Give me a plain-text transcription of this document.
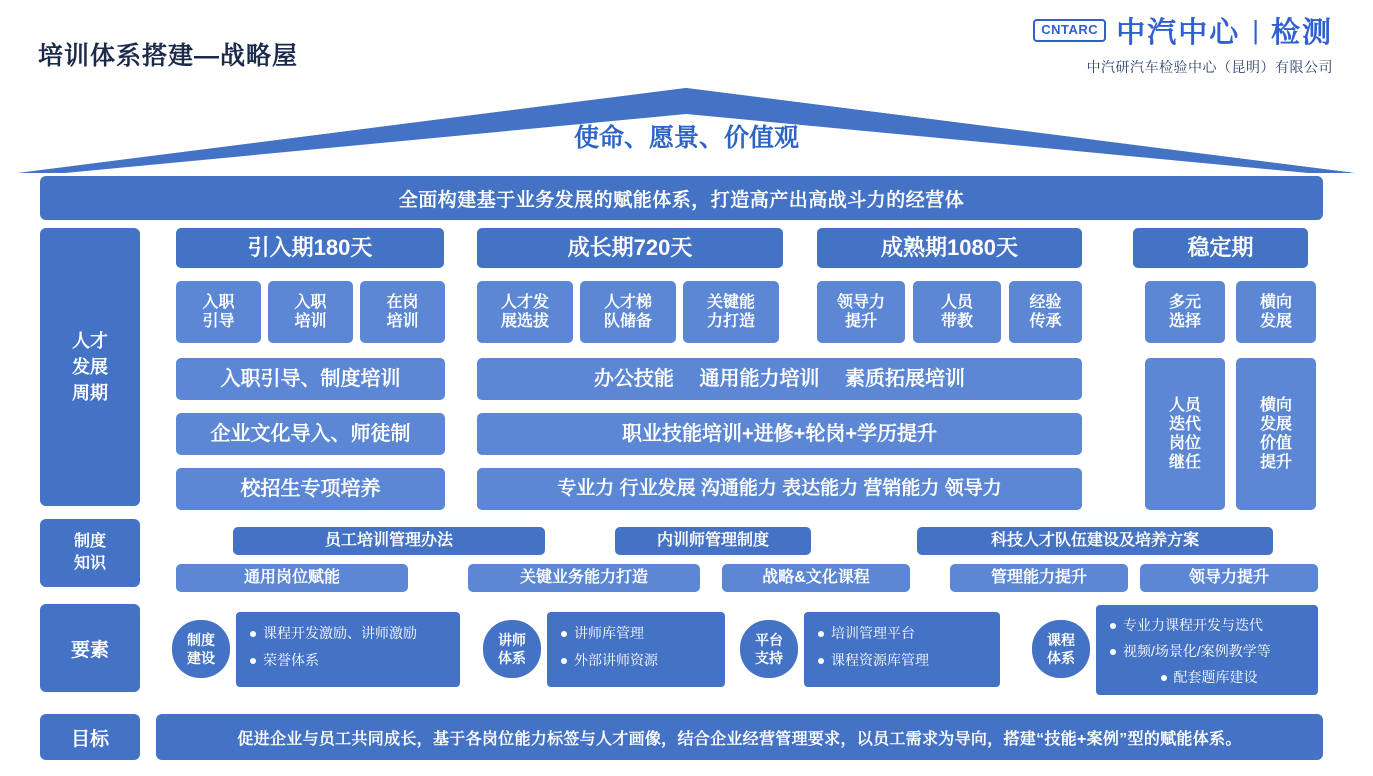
培训体系搭建—战略屋
CNTARC 中汽中心 | 检测
中汽研汽车检验中心（昆明）有限公司
使命、愿景、价值观
全面构建基于业务发展的赋能体系，打造高产出高战斗力的经营体
人才
发展
周期
引入期180天	成长期720天	成熟期1080天	稳定期
入职
引导
入职
培训
在岗
培训
人才发
展选拔
人才梯
队储备
关键能
力打造
领导力
提升
人员
带教
经验
传承
多元
选择
横向
发展
入职引导、制度培训	办公技能　 通用能力培训　 素质拓展培训
企业文化导入、师徒制	职业技能培训+进修+轮岗+学历提升
校招生专项培养	专业力 行业发展 沟通能力 表达能力 营销能力 领导力
人员
迭代
岗位
继任
横向
发展
价值
提升
制度
知识
员工培训管理办法	内训师管理制度	科技人才队伍建设及培养方案
通用岗位赋能	关键业务能力打造	战略&文化课程	管理能力提升	领导力提升
要素	制度
建设
课程开发激励、讲师激励
荣誉体系
讲师
体系
讲师库管理
外部讲师资源
平台
支持
培训管理平台
课程资源库管理
课程
体系
专业力课程开发与迭代
视频/场景化/案例教学等
配套题库建设
目标	促进企业与员工共同成长，基于各岗位能力标签与人才画像，结合企业经营管理要求，以员工需求为导向，搭建“技能+案例”型的赋能体系。
